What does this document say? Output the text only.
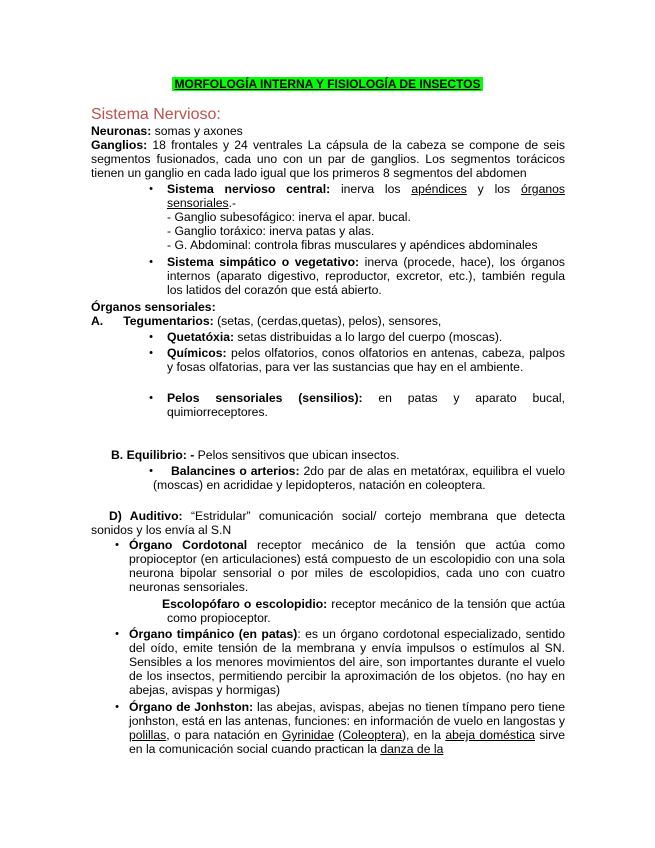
MORFOLOGÍA INTERNA Y FISIOLOGÍA DE INSECTOS
Sistema Nervioso:
Neuronas: somas y axones
Ganglios: 18 frontales y 24 ventrales La cápsula de la cabeza se compone de seis segmentos fusionados, cada uno con un par de ganglios. Los segmentos torácicos tienen un ganglio en cada lado igual que los primeros 8 segmentos del abdomen
• Sistema nervioso central: inerva los apéndices y los órganos sensoriales.-
- Ganglio subesofágico: inerva el apar. bucal.
- Ganglio toráxico: inerva patas y alas.
- G. Abdominal: controla fibras musculares y apéndices abdominales
• Sistema simpático o vegetativo: inerva (procede, hace), los órganos internos (aparato digestivo, reproductor, excretor, etc.), también regula los latidos del corazón que está abierto.
Órganos sensoriales:
A. Tegumentarios: (setas, (cerdas,quetas), pelos), sensores,
• Quetatóxia: setas distribuidas a lo largo del cuerpo (moscas).
• Químicos: pelos olfatorios, conos olfatorios en antenas, cabeza, palpos y fosas olfatorias, para ver las sustancias que hay en el ambiente.
• Pelos sensoriales (sensilios): en patas y aparato bucal, quimiorreceptores.
B. Equilibrio: - Pelos sensitivos que ubican insectos.
•	Balancines o arterios: 2do par de alas en metatórax, equilibra el vuelo (moscas) en acrididae y lepidopteros, natación en coleoptera.
D) Auditivo: “Estridular” comunicación social/ cortejo membrana que detecta sonidos y los envía al S.N
• Órgano Cordotonal receptor mecánico de la tensión que actúa como propioceptor (en articulaciones) está compuesto de un escolopidio con una sola neurona bipolar sensorial o por miles de escolopidios, cada uno con cuatro neuronas sensoriales.
Escolopófaro o escolopidio: receptor mecánico de la tensión que actúa como propioceptor.
• Órgano timpánico (en patas): es un órgano cordotonal especializado, sentido del oído, emite tensión de la membrana y envía impulsos o estímulos al SN. Sensibles a los menores movimientos del aire, son importantes durante el vuelo de los insectos, permitiendo percibir la aproximación de los objetos. (no hay en abejas, avispas y hormigas)
• Órgano de Jonhston: las abejas, avispas, abejas no tienen tímpano pero tiene jonhston, está en las antenas, funciones: en información de vuelo en langostas y polillas, o para natación en Gyrinidae (Coleoptera), en la abeja doméstica sirve en la comunicación social cuando practican la danza de la
